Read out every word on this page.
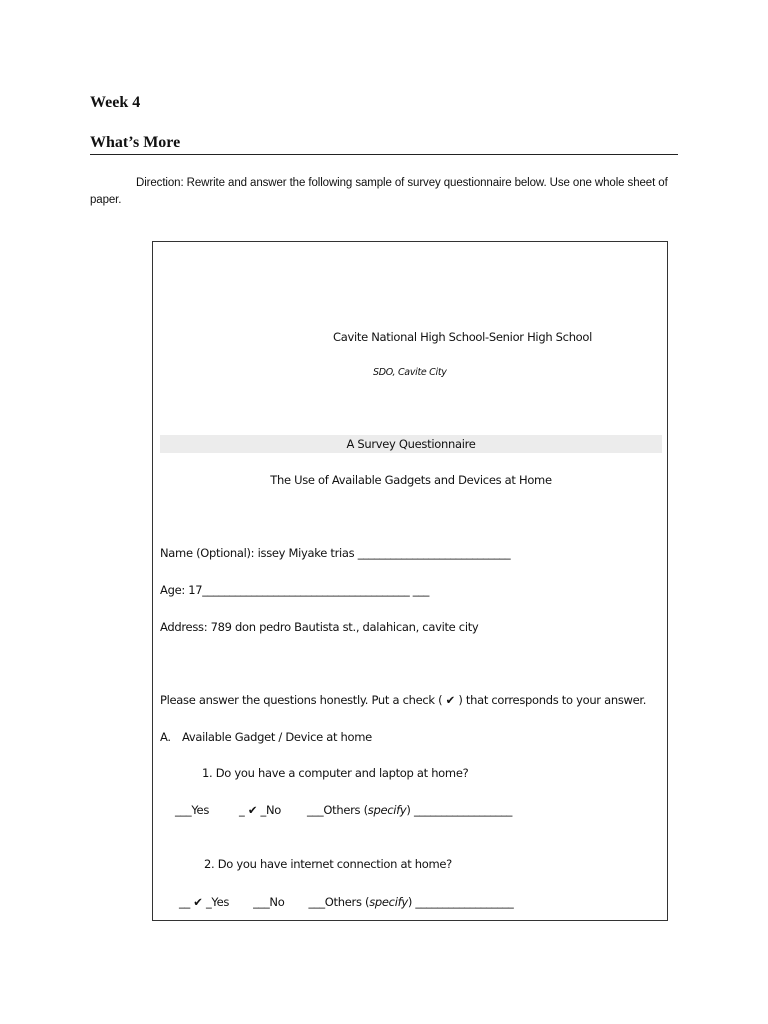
Week 4
What’s More
Direction: Rewrite and answer the following sample of survey questionnaire below. Use one whole sheet of paper.
Cavite National High School-Senior High School
SDO, Cavite City
A Survey Questionnaire
The Use of Available Gadgets and Devices at Home
Name (Optional): issey Miyake trias ____________________________
Age: 17______________________________________ ___
Address: 789 don pedro Bautista st., dalahican, cavite city
Please answer the questions honestly. Put a check ( ✔ ) that corresponds to your answer.
A. Available Gadget / Device at home
1. Do you have a computer and laptop at home?
___Yes	_ ✔ _No ___Others (specify) __________________
2. Do you have internet connection at home?
__ ✔ _Yes ___No ___Others (specify) __________________
